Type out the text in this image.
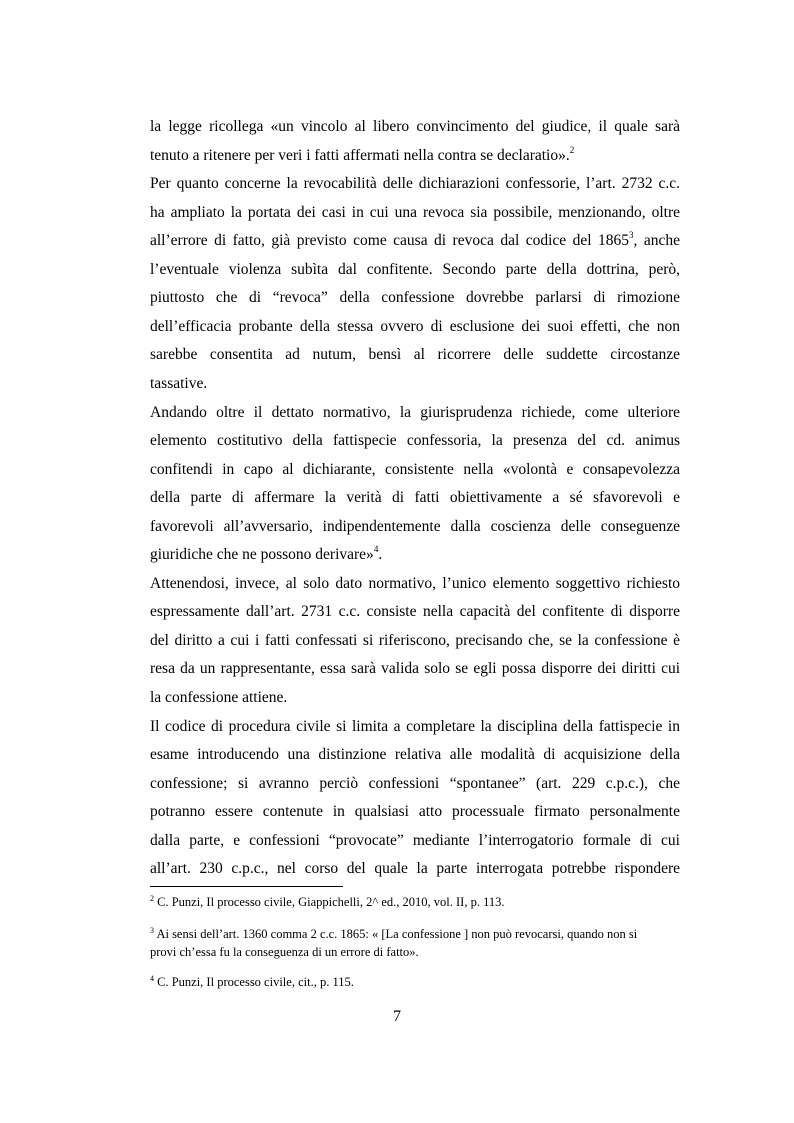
la legge ricollega «un vincolo al libero convincimento del giudice, il quale sarà
tenuto a ritenere per veri i fatti affermati nella contra se declaratio».$^2$
Per quanto concerne la revocabilità delle dichiarazioni confessorie, l’art. 2732 c.c.
ha ampliato la portata dei casi in cui una revoca sia possibile, menzionando, oltre
all’errore di fatto, già previsto come causa di revoca dal codice del 1865$^3$, anche
l’eventuale violenza subìta dal confitente. Secondo parte della dottrina, però,
piuttosto che di “revoca” della confessione dovrebbe parlarsi di rimozione
dell’efficacia probante della stessa ovvero di esclusione dei suoi effetti, che non
sarebbe consentita ad nutum, bensì al ricorrere delle suddette circostanze
tassative.
Andando oltre il dettato normativo, la giurisprudenza richiede, come ulteriore
elemento costitutivo della fattispecie confessoria, la presenza del cd. animus
confitendi in capo al dichiarante, consistente nella «volontà e consapevolezza
della parte di affermare la verità di fatti obiettivamente a sé sfavorevoli e
favorevoli all’avversario, indipendentemente dalla coscienza delle conseguenze
giuridiche che ne possono derivare»$^4$.
Attenendosi, invece, al solo dato normativo, l’unico elemento soggettivo richiesto
espressamente dall’art. 2731 c.c. consiste nella capacità del confitente di disporre
del diritto a cui i fatti confessati si riferiscono, precisando che, se la confessione è
resa da un rappresentante, essa sarà valida solo se egli possa disporre dei diritti cui
la confessione attiene.
Il codice di procedura civile si limita a completare la disciplina della fattispecie in
esame introducendo una distinzione relativa alle modalità di acquisizione della
confessione; si avranno perciò confessioni “spontanee” (art. 229 c.p.c.), che
potranno essere contenute in qualsiasi atto processuale firmato personalmente
dalla parte, e confessioni “provocate” mediante l’interrogatorio formale di cui
all’art. 230 c.p.c., nel corso del quale la parte interrogata potrebbe rispondere
$^2$ C. Punzi, Il processo civile, Giappichelli, 2^ ed., 2010, vol. II, p. 113.
$^3$ Ai sensi dell’art. 1360 comma 2 c.c. 1865: « [La confessione ] non può revocarsi, quando non si
provi ch’essa fu la conseguenza di un errore di fatto».
$^4$ C. Punzi, Il processo civile, cit., p. 115.
7
